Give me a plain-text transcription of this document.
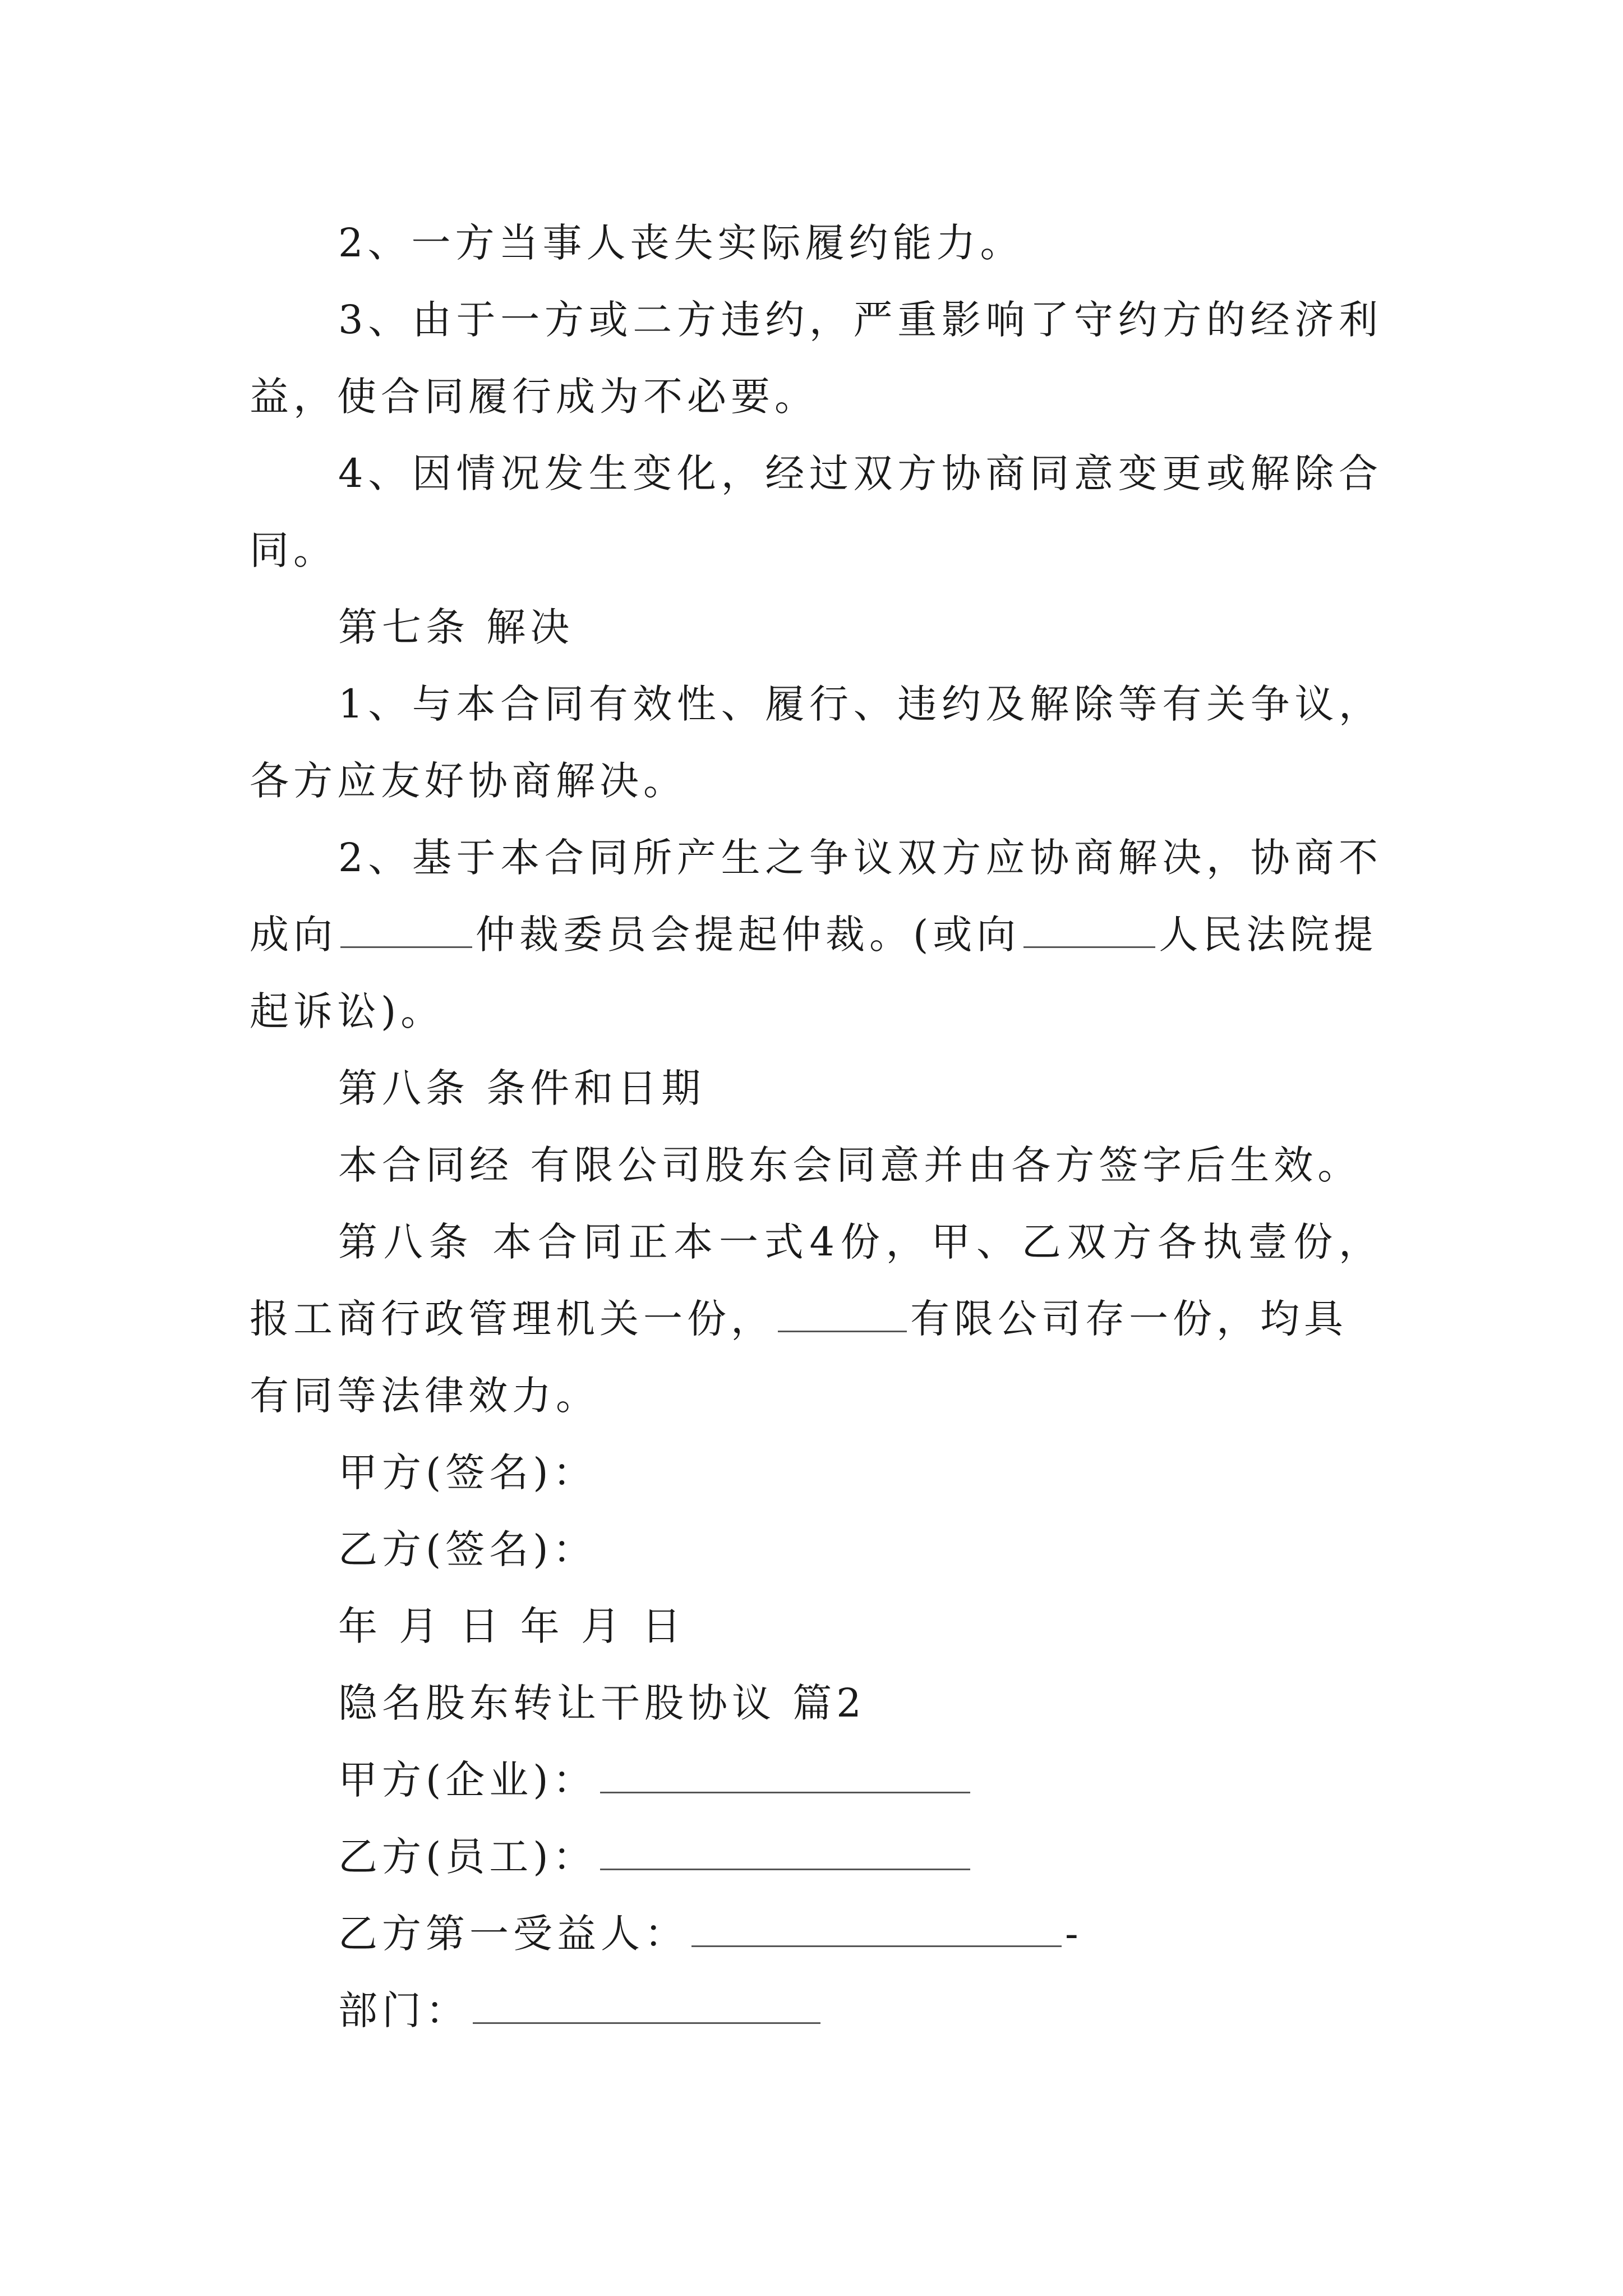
2、一方当事人丧失实际履约能力。
3、由于一方或二方违约，严重影响了守约方的经济利
益，使合同履行成为不必要。
4、因情况发生变化，经过双方协商同意变更或解除合
同。
第七条 解决
1、与本合同有效性、履行、违约及解除等有关争议，
各方应友好协商解决。
2、基于本合同所产生之争议双方应协商解决，协商不
成向	仲裁委员会提起仲裁。(或向	人民法院提
起诉讼)。
第八条 条件和日期
本合同经 有限公司股东会同意并由各方签字后生效。
第八条 本合同正本一式4份，甲、乙双方各执壹份，
报工商行政管理机关一份，	有限公司存一份，均具
有同等法律效力。
甲方(签名)：
乙方(签名)：
年 月 日 年 月 日
隐名股东转让干股协议 篇2
甲方(企业)：
乙方(员工)：
乙方第一受益人：	-
部门：
